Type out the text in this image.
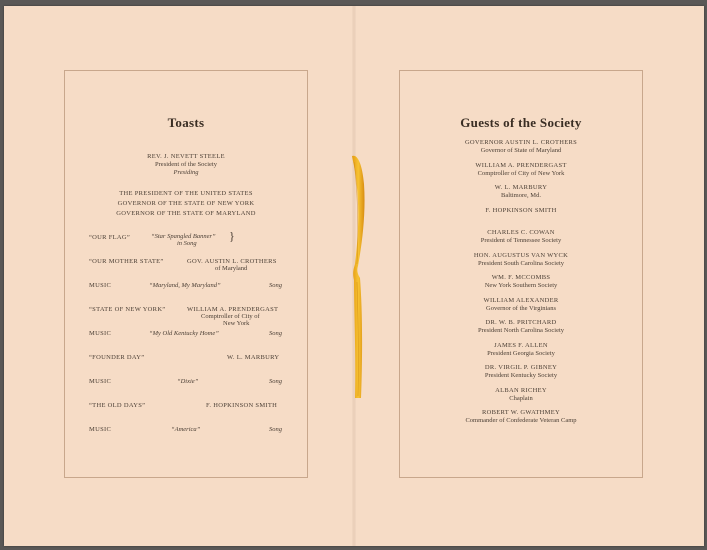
Toasts
REV. J. NEVETT STEELE
President of the Society
Presiding
THE PRESIDENT OF THE UNITED STATES
GOVERNOR OF THE STATE OF NEW YORK
GOVERNOR OF THE STATE OF MARYLAND
“OUR FLAG”	“Star Spangled Banner”
in Song
}
“OUR MOTHER STATE”	GOV. AUSTIN L. CROTHERS
of Maryland
MUSIC	“Maryland, My Maryland”	Song
“STATE OF NEW YORK”	WILLIAM A. PRENDERGAST
Comptroller of City of
New York
MUSIC	“My Old Kentucky Home”	Song
“FOUNDER DAY”	W. L. MARBURY
MUSIC	“Dixie”	Song
“THE OLD DAYS”	F. HOPKINSON SMITH
MUSIC	“America”	Song
Guests of the Society
GOVERNOR AUSTIN L. CROTHERS
Governor of State of Maryland
WILLIAM A. PRENDERGAST
Comptroller of City of New York
W. L. MARBURY
Baltimore, Md.
F. HOPKINSON SMITH
CHARLES C. COWAN
President of Tennessee Society
HON. AUGUSTUS VAN WYCK
President South Carolina Society
WM. F. MCCOMBS
New York Southern Society
WILLIAM ALEXANDER
Governor of the Virginians
DR. W. B. PRITCHARD
President North Carolina Society
JAMES F. ALLEN
President Georgia Society
DR. VIRGIL P. GIBNEY
President Kentucky Society
ALBAN RICHEY
Chaplain
ROBERT W. GWATHMEY
Commander of Confederate Veteran Camp
